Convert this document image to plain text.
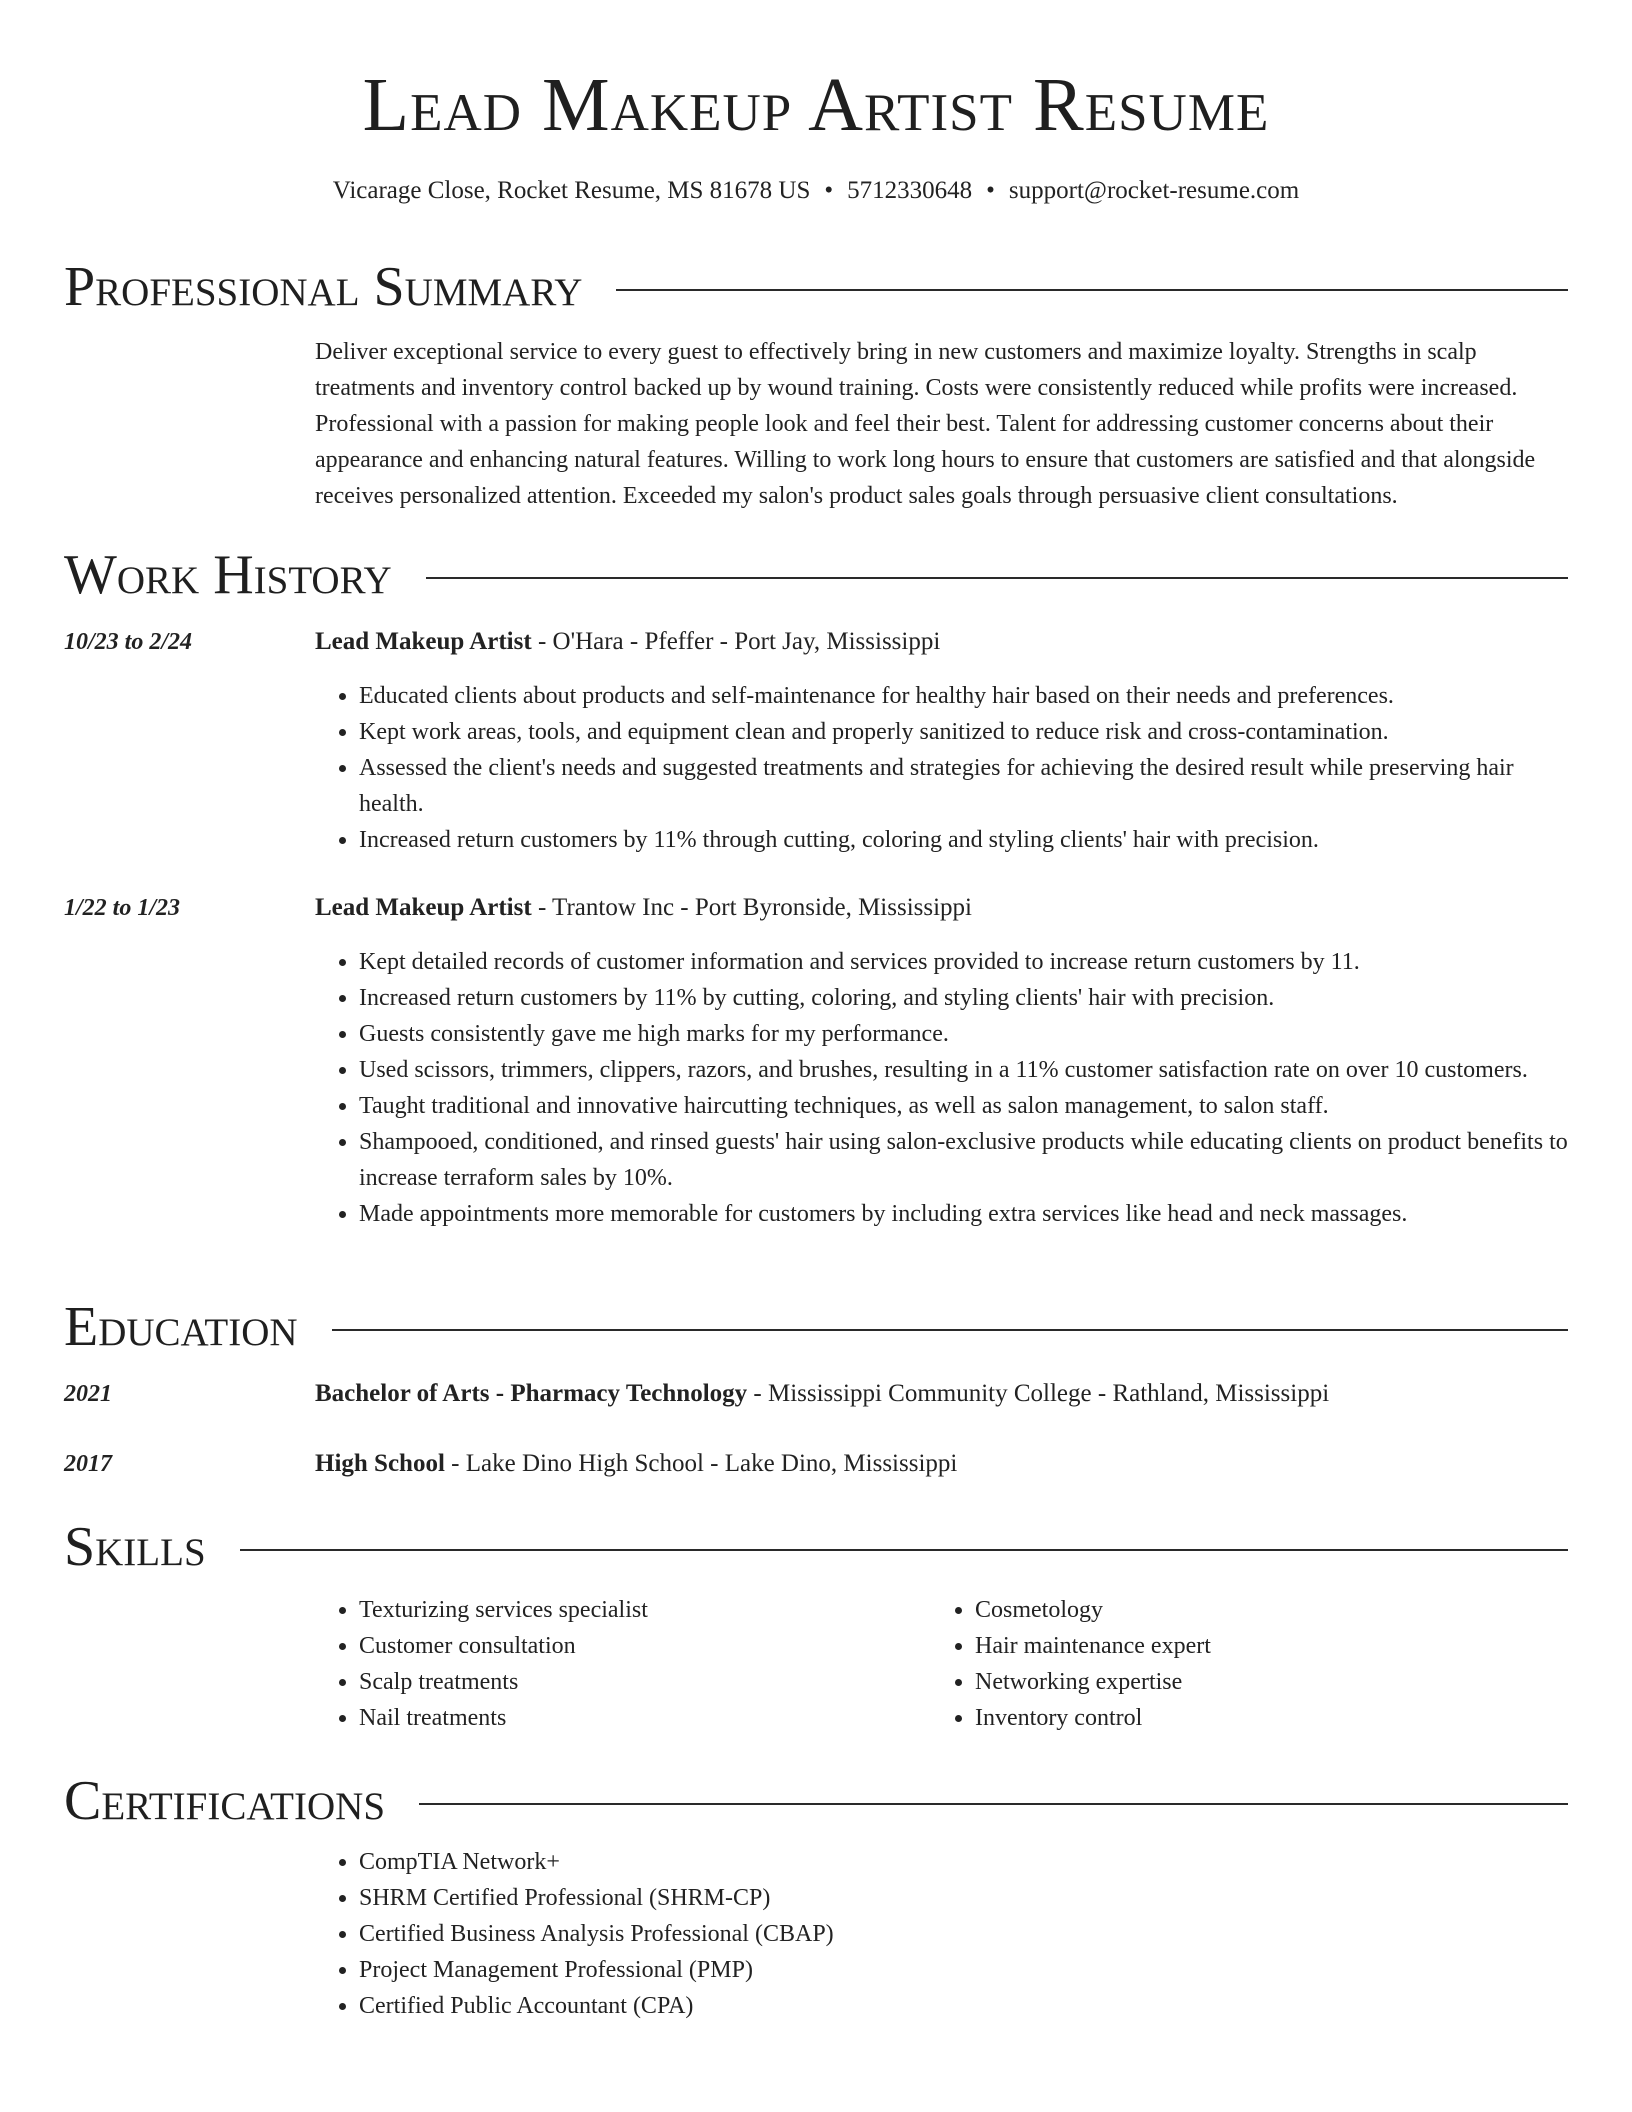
Lead Makeup Artist Resume
Vicarage Close, Rocket Resume, MS 81678 US • 5712330648 • support@rocket-resume.com
Professional Summary

Deliver exceptional service to every guest to effectively bring in new customers and maximize loyalty. Strengths in scalp treatments and inventory control backed up by wound training. Costs were consistently reduced while profits were increased. Professional with a passion for making people look and feel their best. Talent for addressing customer concerns about their appearance and enhancing natural features. Willing to work long hours to ensure that customers are satisfied and that alongside receives personalized attention. Exceeded my salon's product sales goals through persuasive client consultations.

Work History
10/23 to 2/24	Lead Makeup Artist - O'Hara - Pfeffer - Port Jay, Mississippi
• Educated clients about products and self-maintenance for healthy hair based on their needs and preferences.
• Kept work areas, tools, and equipment clean and properly sanitized to reduce risk and cross-contamination.
• Assessed the client's needs and suggested treatments and strategies for achieving the desired result while preserving hair health.
• Increased return customers by 11% through cutting, coloring and styling clients' hair with precision.
1/22 to 1/23	Lead Makeup Artist - Trantow Inc - Port Byronside, Mississippi
• Kept detailed records of customer information and services provided to increase return customers by 11.
• Increased return customers by 11% by cutting, coloring, and styling clients' hair with precision.
• Guests consistently gave me high marks for my performance.
• Used scissors, trimmers, clippers, razors, and brushes, resulting in a 11% customer satisfaction rate on over 10 customers.
• Taught traditional and innovative haircutting techniques, as well as salon management, to salon staff.
• Shampooed, conditioned, and rinsed guests' hair using salon-exclusive products while educating clients on product benefits to increase terraform sales by 10%.
• Made appointments more memorable for customers by including extra services like head and neck massages.
Education
2021	Bachelor of Arts - Pharmacy Technology - Mississippi Community College - Rathland, Mississippi
2017	High School - Lake Dino High School - Lake Dino, Mississippi
Skills
• Texturizing services specialist
• Customer consultation
• Scalp treatments
• Nail treatments
• Cosmetology
• Hair maintenance expert
• Networking expertise
• Inventory control
Certifications
• CompTIA Network+
• SHRM Certified Professional (SHRM-CP)
• Certified Business Analysis Professional (CBAP)
• Project Management Professional (PMP)
• Certified Public Accountant (CPA)
